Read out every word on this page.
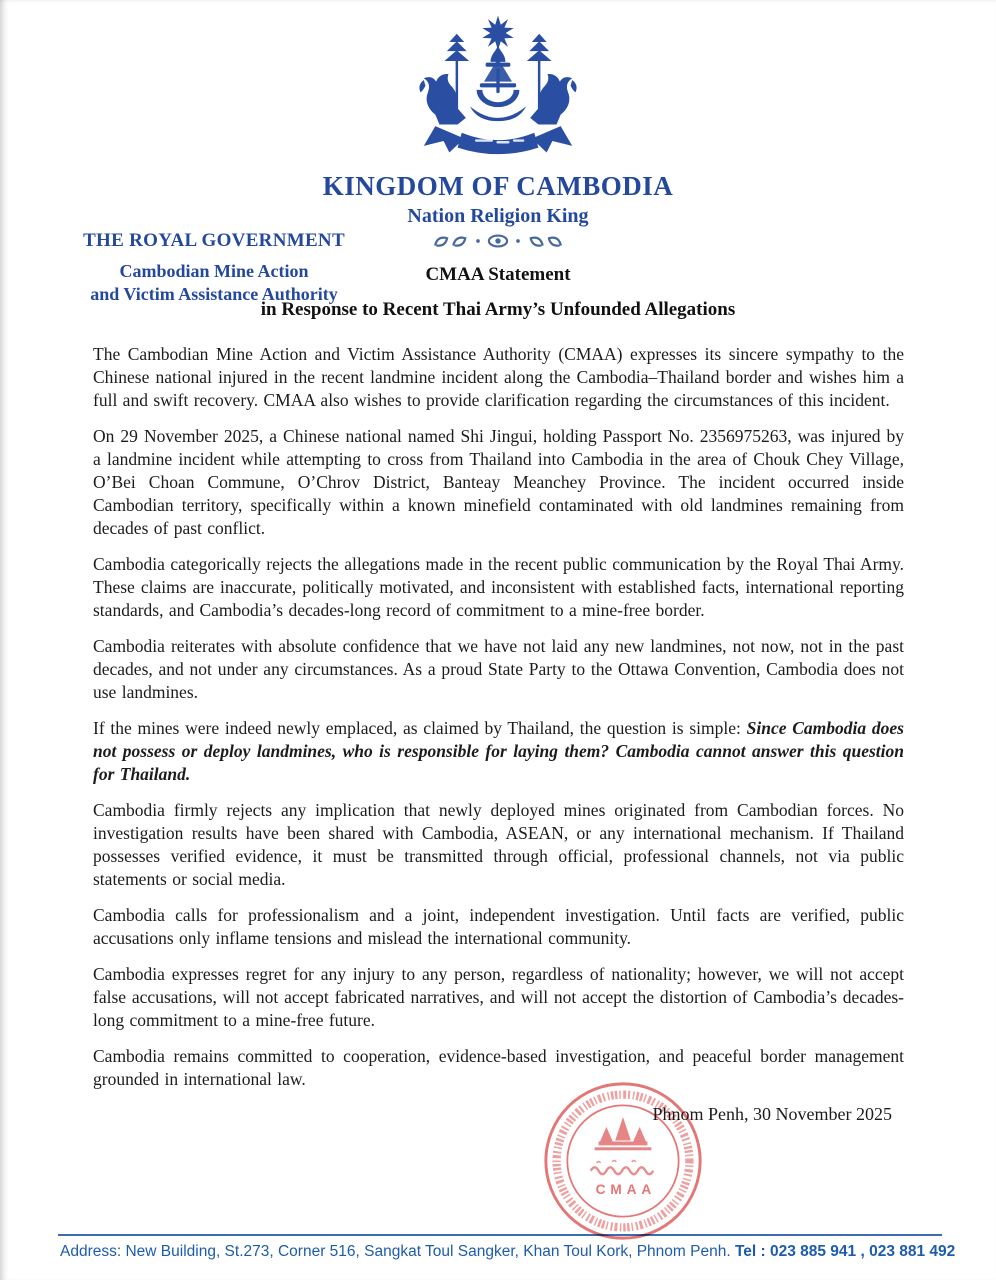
KINGDOM OF CAMBODIA
Nation Religion King
THE ROYAL GOVERNMENT
Cambodian Mine Action
and Victim Assistance Authority
CMAA Statement
in Response to Recent Thai Army’s Unfounded Allegations

The Cambodian Mine Action and Victim Assistance Authority (CMAA) expresses its sincere sympathy to the Chinese national injured in the recent landmine incident along the Cambodia–Thailand border and wishes him a full and swift recovery. CMAA also wishes to provide clarification regarding the circumstances of this incident.

On 29 November 2025, a Chinese national named Shi Jingui, holding Passport No. 2356975263, was injured by a landmine incident while attempting to cross from Thailand into Cambodia in the area of Chouk Chey Village, O’Bei Choan Commune, O’Chrov District, Banteay Meanchey Province. The incident occurred inside Cambodian territory, specifically within a known minefield contaminated with old landmines remaining from decades of past conflict.

Cambodia categorically rejects the allegations made in the recent public communication by the Royal Thai Army. These claims are inaccurate, politically motivated, and inconsistent with established facts, international reporting standards, and Cambodia’s decades-long record of commitment to a mine-free border.

Cambodia reiterates with absolute confidence that we have not laid any new landmines, not now, not in the past decades, and not under any circumstances. As a proud State Party to the Ottawa Convention, Cambodia does not use landmines.

If the mines were indeed newly emplaced, as claimed by Thailand, the question is simple: Since Cambodia does not possess or deploy landmines, who is responsible for laying them? Cambodia cannot answer this question for Thailand.

Cambodia firmly rejects any implication that newly deployed mines originated from Cambodian forces. No investigation results have been shared with Cambodia, ASEAN, or any international mechanism. If Thailand possesses verified evidence, it must be transmitted through official, professional channels, not via public statements or social media.

Cambodia calls for professionalism and a joint, independent investigation. Until facts are verified, public accusations only inflame tensions and mislead the international community.

Cambodia expresses regret for any injury to any person, regardless of nationality; however, we will not accept false accusations, will not accept fabricated narratives, and will not accept the distortion of Cambodia’s decades-long commitment to a mine-free future.

Cambodia remains committed to cooperation, evidence-based investigation, and peaceful border management grounded in international law.

Phnom Penh, 30 November 2025
CMAA
Address: New Building, St.273, Corner 516, Sangkat Toul Sangker, Khan Toul Kork, Phnom Penh. Tel : 023 885 941 , 023 881 492
